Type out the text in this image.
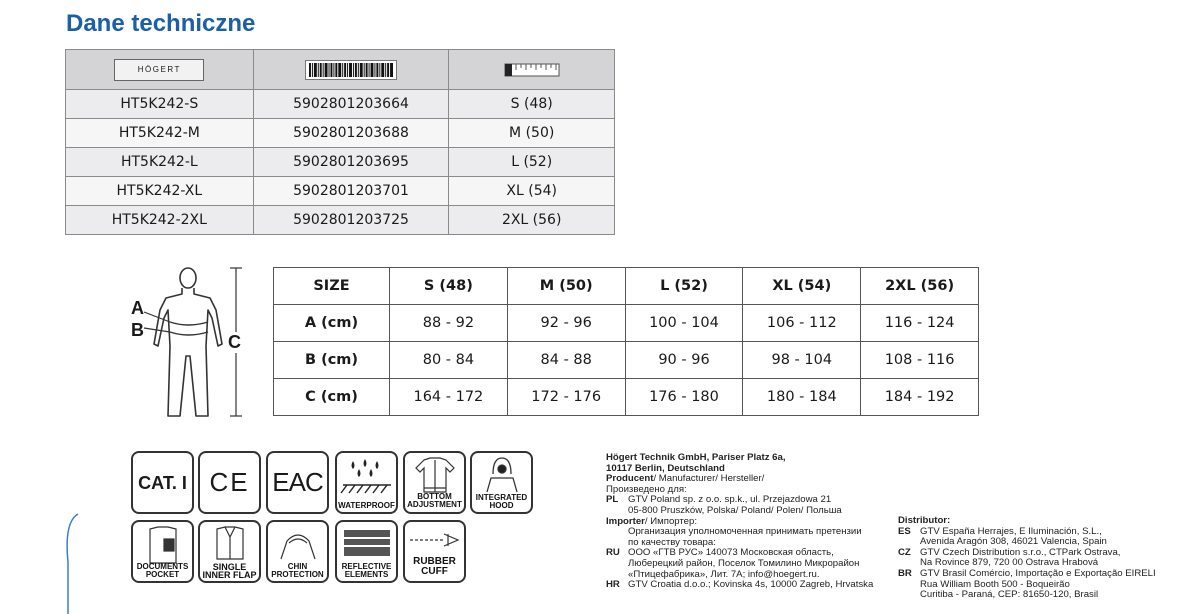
Dane techniczne
HÖGERT	

HT5K242-S	5902801203664	S (48)
HT5K242-M	5902801203688	M (50)
HT5K242-L	5902801203695	L (52)
HT5K242-XL	5902801203701	XL (54)
HT5K242-2XL	5902801203725	2XL (56)
A
B
C
SIZE	S (48)	M (50)	L (52)	XL (54)	2XL (56)
A (cm)	88 - 92	92 - 96	100 - 104	106 - 112	116 - 124
B (cm)	80 - 84	84 - 88	90 - 96	98 - 104	108 - 116
C (cm)	164 - 172	172 - 176	176 - 180	180 - 184	184 - 192
CAT. I CE EAC
WATERPROOF
BOTTOM ADJUSTMENT
INTEGRATED HOOD
DOCUMENTS POCKET
SINGLE INNER FLAP
CHIN PROTECTION
REFLECTIVE ELEMENTS
RUBBER CUFF
Högert Technik GmbH, Pariser Platz 6a,
10117 Berlin, Deutschland
Producent/ Manufacturer/ Hersteller/
Произведено для:
PL GTV Poland sp. z o.o. sp.k., ul. Przejazdowa 21
05-800 Pruszków, Polska/ Poland/ Polen/ Польша
Importer/ Импортер:
Организация уполномоченная принимать претензии
по качеству товара:
RU ООО «ГТВ РУС» 140073 Московская область,
Люберецкий район, Поселок Томилино Микрорайон
«Птицефабрика», Лит. 7А; info@hoegert.ru.
HR GTV Croatia d.o.o.; Kovinska 4s, 10000 Zagreb, Hrvatska
Distributor:
ES GTV España Herrajes, E Iluminación, S.L.,
Avenida Aragón 308, 46021 Valencia, Spain
CZ GTV Czech Distribution s.r.o., CTPark Ostrava,
Na Rovince 879, 720 00 Ostrava Hrabová
BR GTV Brasil Comércio, Importação e Exportação EIRELI
Rua William Booth 500 - Boqueirão
Curitiba - Paraná, CEP: 81650-120, Brasil
